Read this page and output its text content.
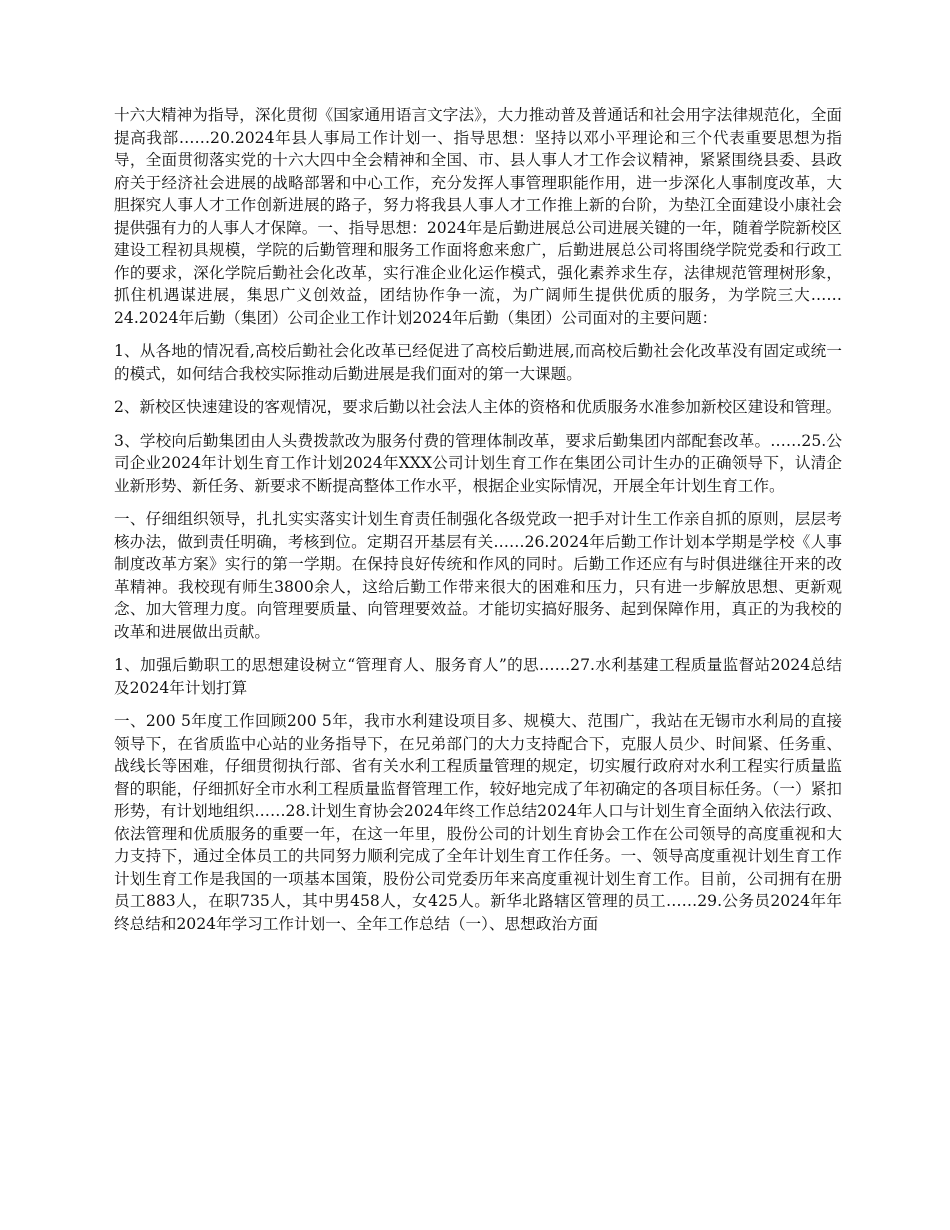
十六大精神为指导，深化贯彻《国家通用语言文字法》，大力推动普及普通话和社会用字法律规范化，全面提高我部……20.2024年县人事局工作计划一、指导思想：坚持以邓小平理论和三个代表重要思想为指导，全面贯彻落实党的十六大四中全会精神和全国、市、县人事人才工作会议精神，紧紧围绕县委、县政府关于经济社会进展的战略部署和中心工作，充分发挥人事管理职能作用，进一步深化人事制度改革，大胆探究人事人才工作创新进展的路子，努力将我县人事人才工作推上新的台阶，为垫江全面建设小康社会提供强有力的人事人才保障。一、指导思想：2024年是后勤进展总公司进展关键的一年，随着学院新校区建设工程初具规模，学院的后勤管理和服务工作面将愈来愈广，后勤进展总公司将围绕学院党委和行政工作的要求，深化学院后勤社会化改革，实行准企业化运作模式，强化素养求生存，法律规范管理树形象，抓住机遇谋进展，集思广义创效益，团结协作争一流，为广阔师生提供优质的服务，为学院三大……24.2024年后勤（集团）公司企业工作计划2024年后勤（集团）公司面对的主要问题：

1、从各地的情况看,高校后勤社会化改革已经促进了高校后勤进展,而高校后勤社会化改革没有固定或统一的模式，如何结合我校实际推动后勤进展是我们面对的第一大课题。

2、新校区快速建设的客观情况，要求后勤以社会法人主体的资格和优质服务水准参加新校区建设和管理。

3、学校向后勤集团由人头费拨款改为服务付费的管理体制改革，要求后勤集团内部配套改革。……25.公司企业2024年计划生育工作计划2024年XXX公司计划生育工作在集团公司计生办的正确领导下，认清企业新形势、新任务、新要求不断提高整体工作水平，根据企业实际情况，开展全年计划生育工作。

一、仔细组织领导，扎扎实实落实计划生育责任制强化各级党政一把手对计生工作亲自抓的原则，层层考核办法，做到责任明确，考核到位。定期召开基层有关……26.2024年后勤工作计划本学期是学校《人事制度改革方案》实行的第一学期。在保持良好传统和作风的同时。后勤工作还应有与时俱进继往开来的改革精神。我校现有师生3800余人，这给后勤工作带来很大的困难和压力，只有进一步解放思想、更新观念、加大管理力度。向管理要质量、向管理要效益。才能切实搞好服务、起到保障作用，真正的为我校的改革和进展做出贡献。

1、加强后勤职工的思想建设树立“管理育人、服务育人”的思……27.水利基建工程质量监督站2024总结及2024年计划打算

一、200 5年度工作回顾200 5年，我市水利建设项目多、规模大、范围广，我站在无锡市水利局的直接领导下，在省质监中心站的业务指导下，在兄弟部门的大力支持配合下，克服人员少、时间紧、任务重、战线长等困难，仔细贯彻执行部、省有关水利工程质量管理的规定，切实履行政府对水利工程实行质量监督的职能，仔细抓好全市水利工程质量监督管理工作，较好地完成了年初确定的各项目标任务。（一）紧扣形势，有计划地组织……28.计划生育协会2024年终工作总结2024年人口与计划生育全面纳入依法行政、依法管理和优质服务的重要一年，在这一年里，股份公司的计划生育协会工作在公司领导的高度重视和大力支持下，通过全体员工的共同努力顺利完成了全年计划生育工作任务。一、领导高度重视计划生育工作计划生育工作是我国的一项基本国策，股份公司党委历年来高度重视计划生育工作。目前，公司拥有在册员工883人，在职735人，其中男458人，女425人。新华北路辖区管理的员工……29.公务员2024年年终总结和2024年学习工作计划一、全年工作总结（一）、思想政治方面
